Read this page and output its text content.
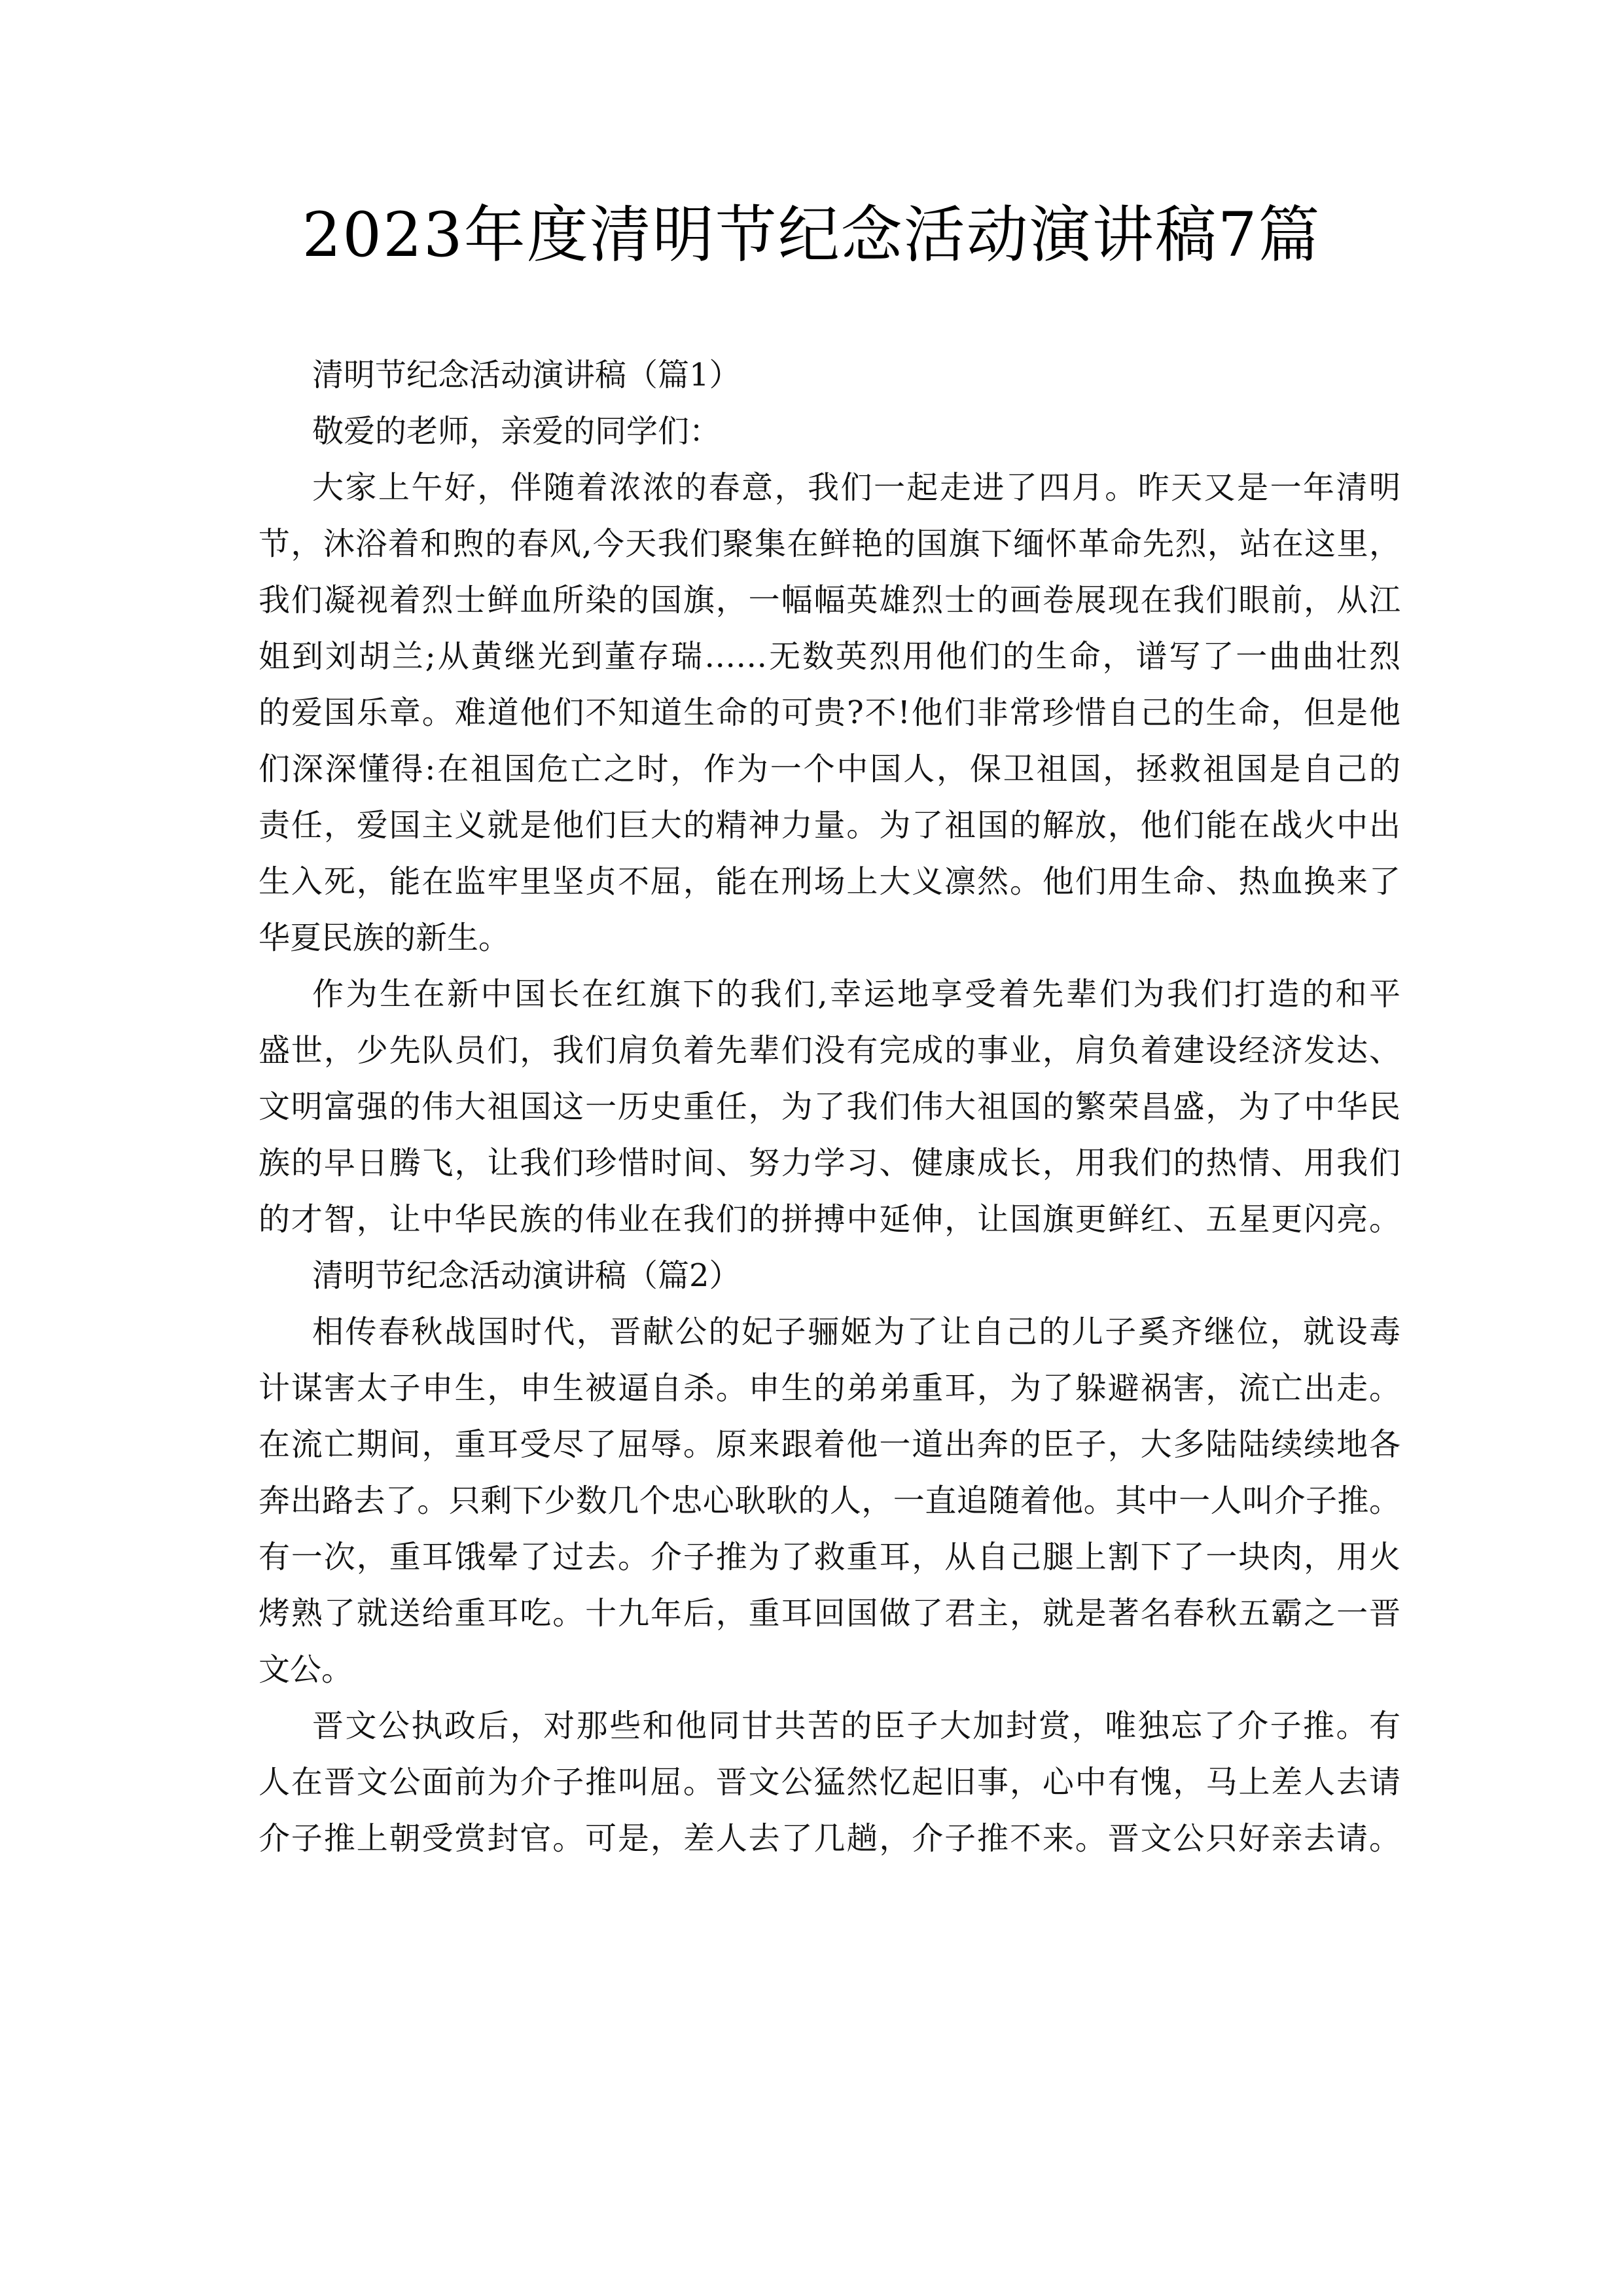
2023年度清明节纪念活动演讲稿7篇
清明节纪念活动演讲稿（篇1）
敬爱的老师，亲爱的同学们：
大家上午好，伴随着浓浓的春意，我们一起走进了四月。昨天又是一年清明
节，沐浴着和煦的春风,今天我们聚集在鲜艳的国旗下缅怀革命先烈，站在这里，
我们凝视着烈士鲜血所染的国旗，一幅幅英雄烈士的画卷展现在我们眼前，从江
姐到刘胡兰;从黄继光到董存瑞……无数英烈用他们的生命，谱写了一曲曲壮烈
的爱国乐章。难道他们不知道生命的可贵?不!他们非常珍惜自己的生命，但是他
们深深懂得:在祖国危亡之时，作为一个中国人，保卫祖国，拯救祖国是自己的
责任，爱国主义就是他们巨大的精神力量。为了祖国的解放，他们能在战火中出
生入死，能在监牢里坚贞不屈，能在刑场上大义凛然。他们用生命、热血换来了
华夏民族的新生。
作为生在新中国长在红旗下的我们,幸运地享受着先辈们为我们打造的和平
盛世，少先队员们，我们肩负着先辈们没有完成的事业，肩负着建设经济发达、
文明富强的伟大祖国这一历史重任，为了我们伟大祖国的繁荣昌盛，为了中华民
族的早日腾飞，让我们珍惜时间、努力学习、健康成长，用我们的热情、用我们
的才智，让中华民族的伟业在我们的拼搏中延伸，让国旗更鲜红、五星更闪亮。
清明节纪念活动演讲稿（篇2）
相传春秋战国时代，晋献公的妃子骊姬为了让自己的儿子奚齐继位，就设毒
计谋害太子申生，申生被逼自杀。申生的弟弟重耳，为了躲避祸害，流亡出走。
在流亡期间，重耳受尽了屈辱。原来跟着他一道出奔的臣子，大多陆陆续续地各
奔出路去了。只剩下少数几个忠心耿耿的人，一直追随着他。其中一人叫介子推。
有一次，重耳饿晕了过去。介子推为了救重耳，从自己腿上割下了一块肉，用火
烤熟了就送给重耳吃。十九年后，重耳回国做了君主，就是著名春秋五霸之一晋
文公。
晋文公执政后，对那些和他同甘共苦的臣子大加封赏，唯独忘了介子推。有
人在晋文公面前为介子推叫屈。晋文公猛然忆起旧事，心中有愧，马上差人去请
介子推上朝受赏封官。可是，差人去了几趟，介子推不来。晋文公只好亲去请。
